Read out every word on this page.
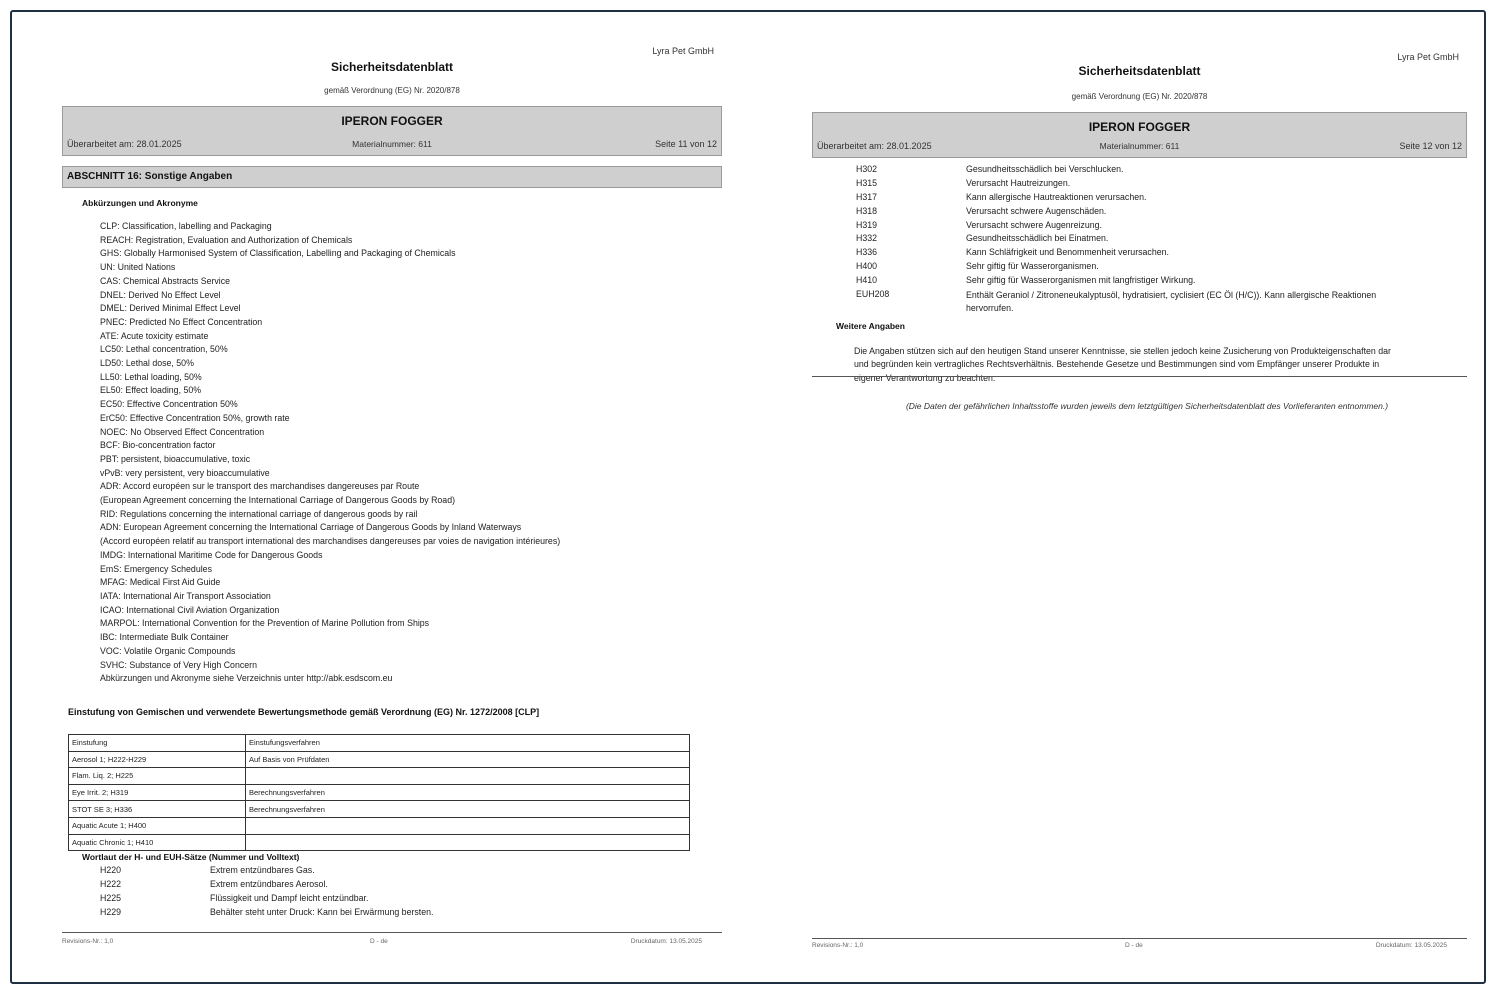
Lyra Pet GmbH
Sicherheitsdatenblatt
gemäß Verordnung (EG) Nr. 2020/878
IPERON FOGGER
Überarbeitet am: 28.01.2025	Materialnummer: 611	Seite 11 von 12
ABSCHNITT 16: Sonstige Angaben
Abkürzungen und Akronyme
CLP: Classification, labelling and Packaging
REACH: Registration, Evaluation and Authorization of Chemicals
GHS: Globally Harmonised System of Classification, Labelling and Packaging of Chemicals
UN: United Nations
CAS: Chemical Abstracts Service
DNEL: Derived No Effect Level
DMEL: Derived Minimal Effect Level
PNEC: Predicted No Effect Concentration
ATE: Acute toxicity estimate
LC50: Lethal concentration, 50%
LD50: Lethal dose, 50%
LL50: Lethal loading, 50%
EL50: Effect loading, 50%
EC50: Effective Concentration 50%
ErC50: Effective Concentration 50%, growth rate
NOEC: No Observed Effect Concentration
BCF: Bio-concentration factor
PBT: persistent, bioaccumulative, toxic
vPvB: very persistent, very bioaccumulative
ADR: Accord européen sur le transport des marchandises dangereuses par Route
(European Agreement concerning the International Carriage of Dangerous Goods by Road)
RID: Regulations concerning the international carriage of dangerous goods by rail
ADN: European Agreement concerning the International Carriage of Dangerous Goods by Inland Waterways
(Accord européen relatif au transport international des marchandises dangereuses par voies de navigation intérieures)
IMDG: International Maritime Code for Dangerous Goods
EmS: Emergency Schedules
MFAG: Medical First Aid Guide
IATA: International Air Transport Association
ICAO: International Civil Aviation Organization
MARPOL: International Convention for the Prevention of Marine Pollution from Ships
IBC: Intermediate Bulk Container
VOC: Volatile Organic Compounds
SVHC: Substance of Very High Concern
Abkürzungen und Akronyme siehe Verzeichnis unter http://abk.esdscom.eu
Einstufung von Gemischen und verwendete Bewertungsmethode gemäß Verordnung (EG) Nr. 1272/2008 [CLP]
Einstufung	Einstufungsverfahren
Aerosol 1; H222-H229	Auf Basis von Prüfdaten
Flam. Liq. 2; H225	
Eye Irrit. 2; H319	Berechnungsverfahren
STOT SE 3; H336	Berechnungsverfahren
Aquatic Acute 1; H400	
Aquatic Chronic 1; H410	
Wortlaut der H- und EUH-Sätze (Nummer und Volltext)
H220	Extrem entzündbares Gas.
H222	Extrem entzündbares Aerosol.
H225	Flüssigkeit und Dampf leicht entzündbar.
H229	Behälter steht unter Druck: Kann bei Erwärmung bersten.
Revisions-Nr.: 1,0	D - de	Druckdatum: 13.05.2025
Lyra Pet GmbH
Sicherheitsdatenblatt
gemäß Verordnung (EG) Nr. 2020/878
IPERON FOGGER
Überarbeitet am: 28.01.2025	Materialnummer: 611	Seite 12 von 12
H302	Gesundheitsschädlich bei Verschlucken.
H315	Verursacht Hautreizungen.
H317	Kann allergische Hautreaktionen verursachen.
H318	Verursacht schwere Augenschäden.
H319	Verursacht schwere Augenreizung.
H332	Gesundheitsschädlich bei Einatmen.
H336	Kann Schläfrigkeit und Benommenheit verursachen.
H400	Sehr giftig für Wasserorganismen.
H410	Sehr giftig für Wasserorganismen mit langfristiger Wirkung.
EUH208	Enthält Geraniol / Zitroneneukalyptusöl, hydratisiert, cyclisiert (EC Öl (H/C)). Kann allergische Reaktionen hervorrufen.
Weitere Angaben
Die Angaben stützen sich auf den heutigen Stand unserer Kenntnisse, sie stellen jedoch keine Zusicherung von Produkteigenschaften dar und begründen kein vertragliches Rechtsverhältnis. Bestehende Gesetze und Bestimmungen sind vom Empfänger unserer Produkte in eigener Verantwortung zu beachten.
(Die Daten der gefährlichen Inhaltsstoffe wurden jeweils dem letztgültigen Sicherheitsdatenblatt des Vorlieferanten entnommen.)
Revisions-Nr.: 1,0	D - de	Druckdatum: 13.05.2025
